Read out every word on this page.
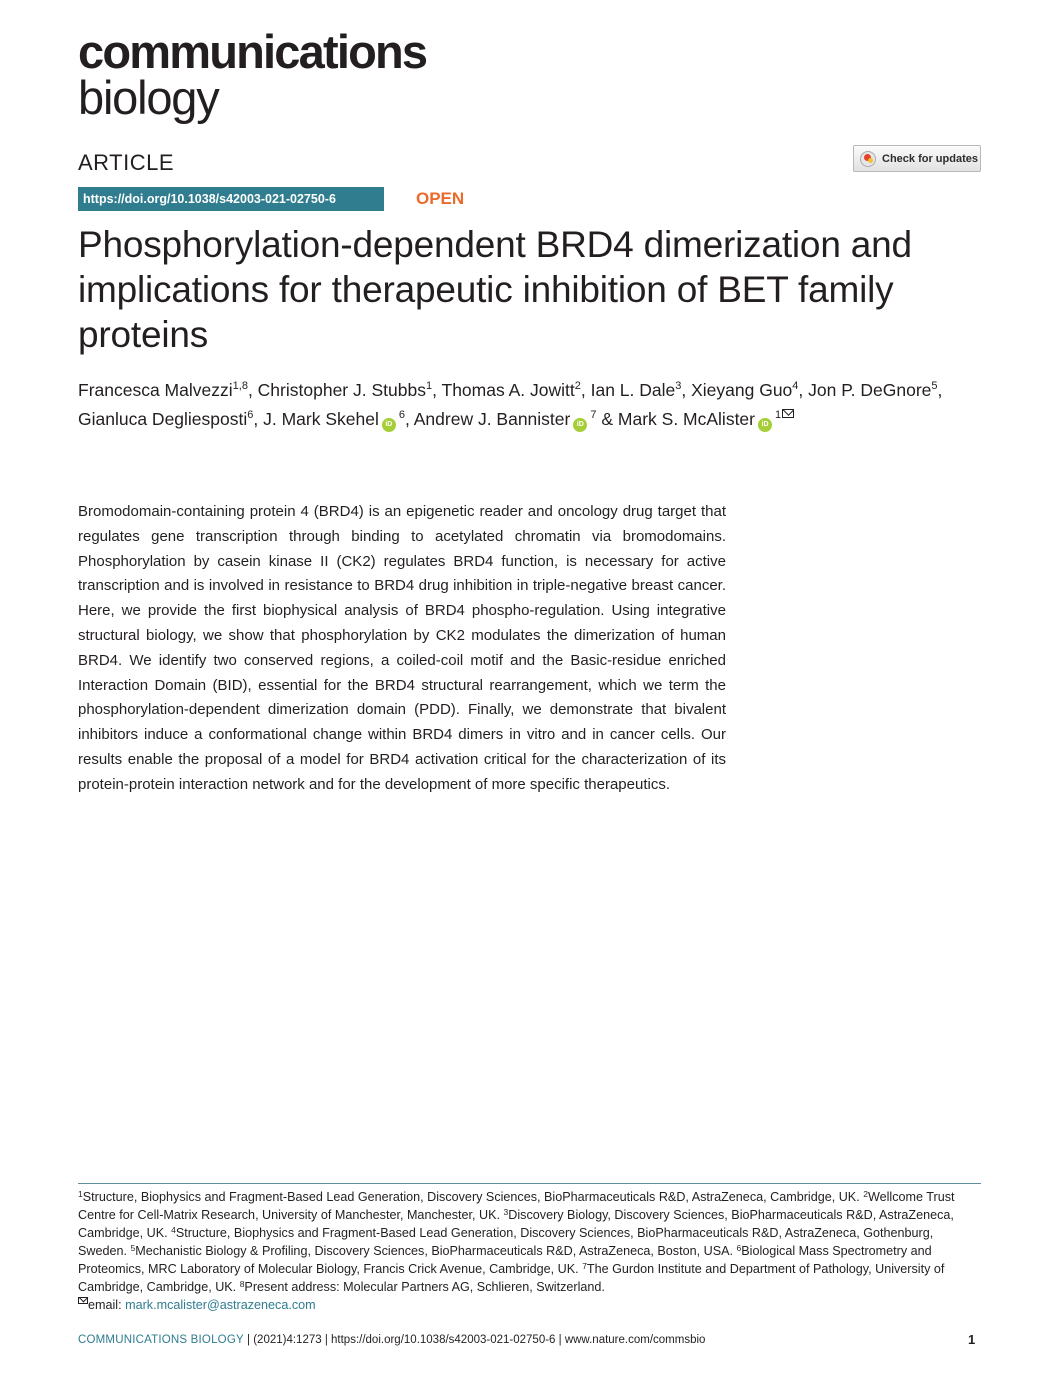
communications
biology
ARTICLE	Check for updates
https://doi.org/10.1038/s42003-021-02750-6	OPEN
Phosphorylation-dependent BRD4 dimerization and implications for therapeutic inhibition of BET family proteins
Francesca Malvezzi$^{1,8}$, Christopher J. Stubbs$^1$, Thomas A. Jowitt$^2$, Ian L. Dale$^3$, Xieyang Guo$^4$, Jon P. DeGnore$^5$, Gianluca Degliesposti$^6$, J. Mark Skehel $iD^6$, Andrew J. Bannister $iD^7$ & Mark S. McAlister $iD^1$

Bromodomain-containing protein 4 (BRD4) is an epigenetic reader and oncology drug target that regulates gene transcription through binding to acetylated chromatin via bromodomains. Phosphorylation by casein kinase II (CK2) regulates BRD4 function, is necessary for active transcription and is involved in resistance to BRD4 drug inhibition in triple-negative breast cancer. Here, we provide the first biophysical analysis of BRD4 phospho-regulation. Using integrative structural biology, we show that phosphorylation by CK2 modulates the dimerization of human BRD4. We identify two conserved regions, a coiled-coil motif and the Basic-residue enriched Interaction Domain (BID), essential for the BRD4 structural rearrangement, which we term the phosphorylation-dependent dimerization domain (PDD). Finally, we demonstrate that bivalent inhibitors induce a conformational change within BRD4 dimers in vitro and in cancer cells. Our results enable the proposal of a model for BRD4 activation critical for the characterization of its protein-protein interaction network and for the development of more specific therapeutics.

$^1$Structure, Biophysics and Fragment-Based Lead Generation, Discovery Sciences, BioPharmaceuticals R&D, AstraZeneca, Cambridge, UK. $^2$Wellcome Trust Centre for Cell-Matrix Research, University of Manchester, Manchester, UK. $^3$Discovery Biology, Discovery Sciences, BioPharmaceuticals R&D, AstraZeneca, Cambridge, UK. $^4$Structure, Biophysics and Fragment-Based Lead Generation, Discovery Sciences, BioPharmaceuticals R&D, AstraZeneca, Gothenburg, Sweden. $^5$Mechanistic Biology & Profiling, Discovery Sciences, BioPharmaceuticals R&D, AstraZeneca, Boston, USA. $^6$Biological Mass Spectrometry and Proteomics, MRC Laboratory of Molecular Biology, Francis Crick Avenue, Cambridge, UK. $^7$The Gurdon Institute and Department of Pathology, University of Cambridge, Cambridge, UK. $^8$Present address: Molecular Partners AG, Schlieren, Switzerland.
email: mark.mcalister@astrazeneca.com
COMMUNICATIONS BIOLOGY | (2021)4:1273 | https://doi.org/10.1038/s42003-021-02750-6 | www.nature.com/commsbio	1
